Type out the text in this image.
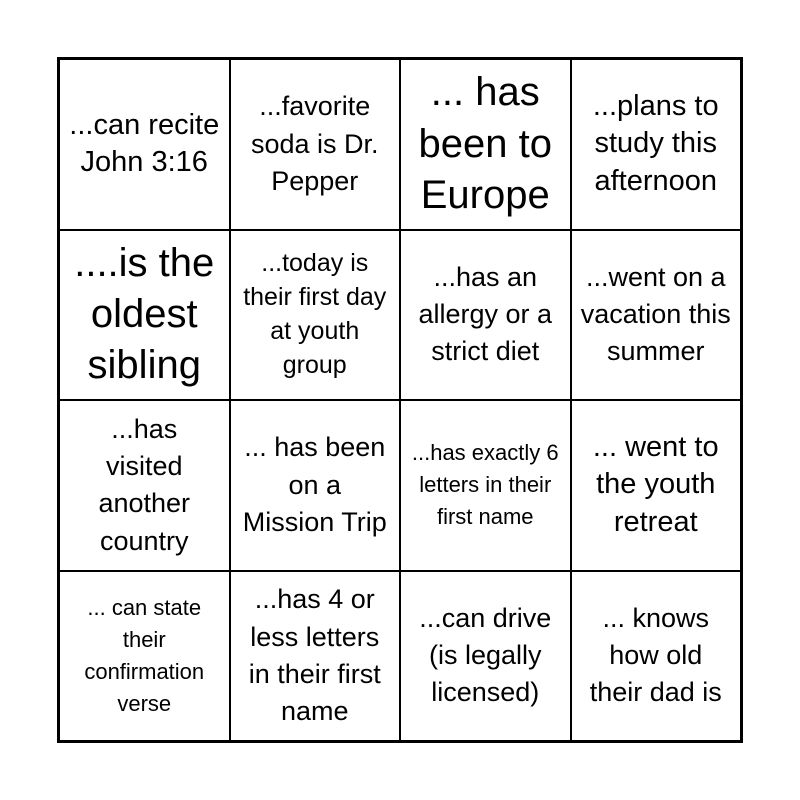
...can recite John 3:16
...favorite soda is Dr. Pepper
... has been to Europe
...plans to study this afternoon
....is the oldest sibling
...today is their first day at youth group
...has an allergy or a strict diet
...went on a vacation this summer
...has visited another country
... has been on a Mission Trip
...has exactly 6 letters in their first name
... went to the youth retreat
... can state their confirmation verse
...has 4 or less letters in their first name
...can drive (is legally licensed)
... knows how old their dad is
